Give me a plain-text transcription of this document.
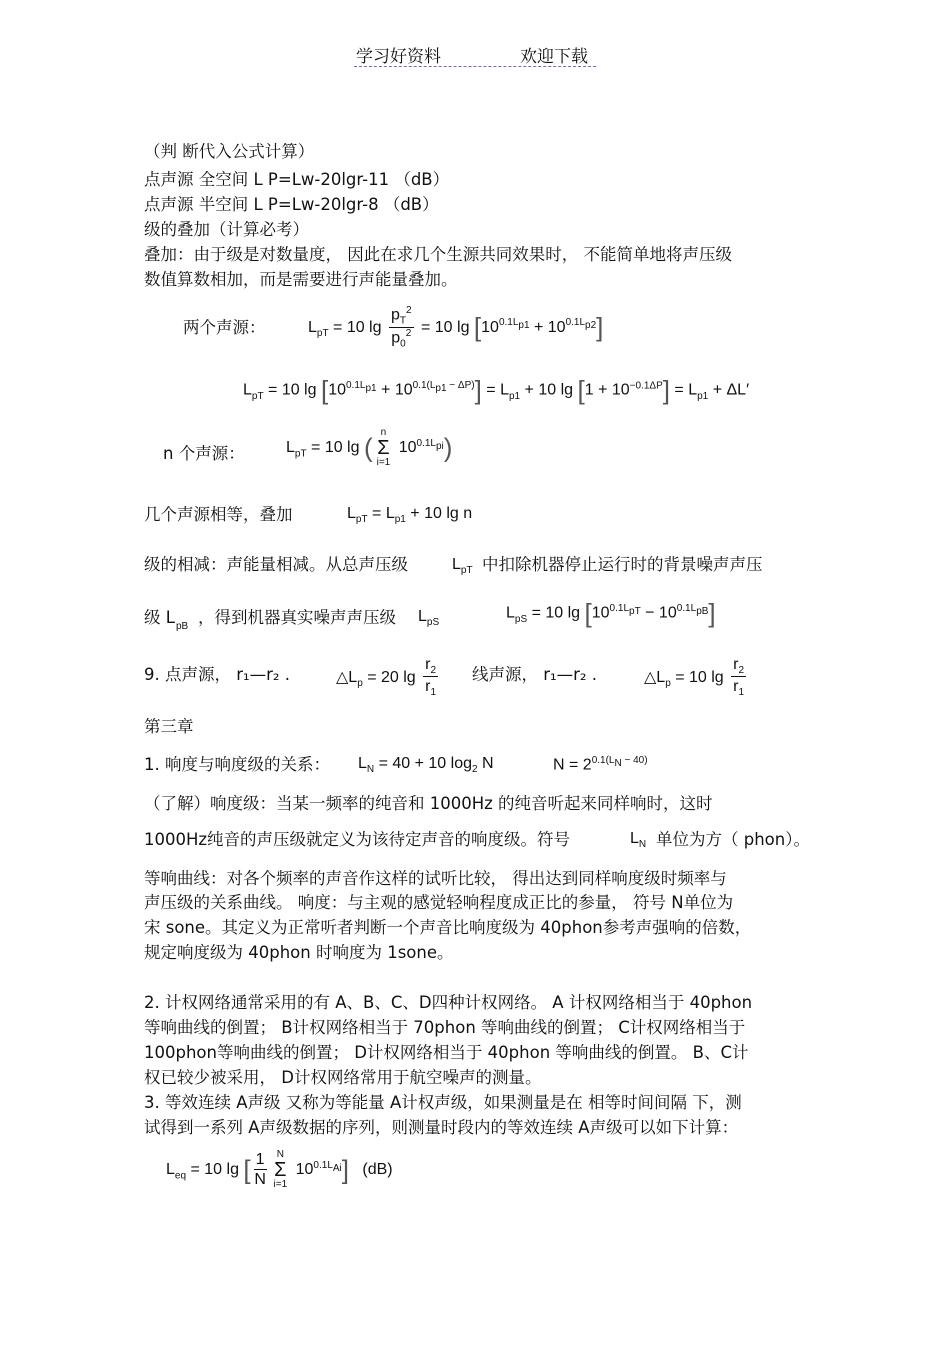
学习好资料	欢迎下载
（判 断代入公式计算）
点声源 全空间 L P=Lw-20lgr-11 （dB）
点声源 半空间 L P=Lw-20lgr-8 （dB）
级的叠加（计算必考）
叠加：由于级是对数量度， 因此在求几个生源共同效果时， 不能简单地将声压级
数值算数相加，而是需要进行声能量叠加。
两个声源：	$L_{pT} = 10$ $\lg \frac{p_T^2}{p_0^2} = 10$ $\lg [10^{0.1L_{p1}} + 10^{0.1L_{p2}}]$
$L_{pT} = 10$ $\lg [10^{0.1L_{p1}} + 10^{0.1(L_{p1} - \Delta P)}] = L_{p1} + 10$ $\lg [1 + 10^{-0.1\Delta P}] = L_{p1} + \Delta L'$
n 个声源：	$L_{pT} = 10$ lg ( n
Σ
i=1
$10^{0.1L_{pi}}$)
几个声源相等，叠加	$L_{pT} = L_{p1} + 10$ lg n
级的相减：声能量相减。从总声压级	$L_{pT}$ 中扣除机器停止运行时的背景噪声声压
级 L $_{pB}$ ，得到机器真实噪声声压级 $L_{pS}$
$L_{pS} = 10$ $\lg [10^{0.1L_{pT}} - 10^{0.1L_{pB}}]$
9. 点声源， r₁—r₂ .	$\triangle L_p = 20$ $\lg \frac{r_2}{r_1}$ 线声源， r₁—r₂ .	$\triangle L_p = 10$ $\lg \frac{r_2}{r_1}$
第三章
1. 响度与响度级的关系： $L_N = 40 + 10$ $\log_2 N$	$N = 2^{0.1(L_N - 40)}$
（了解）响度级：当某一频率的纯音和 1000Hz 的纯音听起来同样响时，这时
1000Hz纯音的声压级就定义为该待定声音的响度级。符号	$L_N$ 单位为方（ phon）。
等响曲线：对各个频率的声音作这样的试听比较， 得出达到同样响度级时频率与
声压级的关系曲线。 响度：与主观的感觉轻响程度成正比的参量， 符号 N单位为
宋 sone。其定义为正常听者判断一个声音比响度级为 40phon参考声强响的倍数，
规定响度级为 40phon 时响度为 1sone。
2. 计权网络通常采用的有 A、B、C、D四种计权网络。 A 计权网络相当于 40phon
等响曲线的倒置； B计权网络相当于 70phon 等响曲线的倒置； C计权网络相当于
100phon等响曲线的倒置； D计权网络相当于 40phon 等响曲线的倒置。 B、C计
权已较少被采用， D计权网络常用于航空噪声的测量。
3. 等效连续 A声级 又称为等能量 A计权声级，如果测量是在 相等时间间隔 下，测
试得到一系列 A声级数据的序列，则测量时段内的等效连续 A声级可以如下计算：
$L_{eq} = 10$ lg [ $\frac{1}{N}$	N
Σ
i=1
$10^{0.1L_{Ai}}$]   (dB)
